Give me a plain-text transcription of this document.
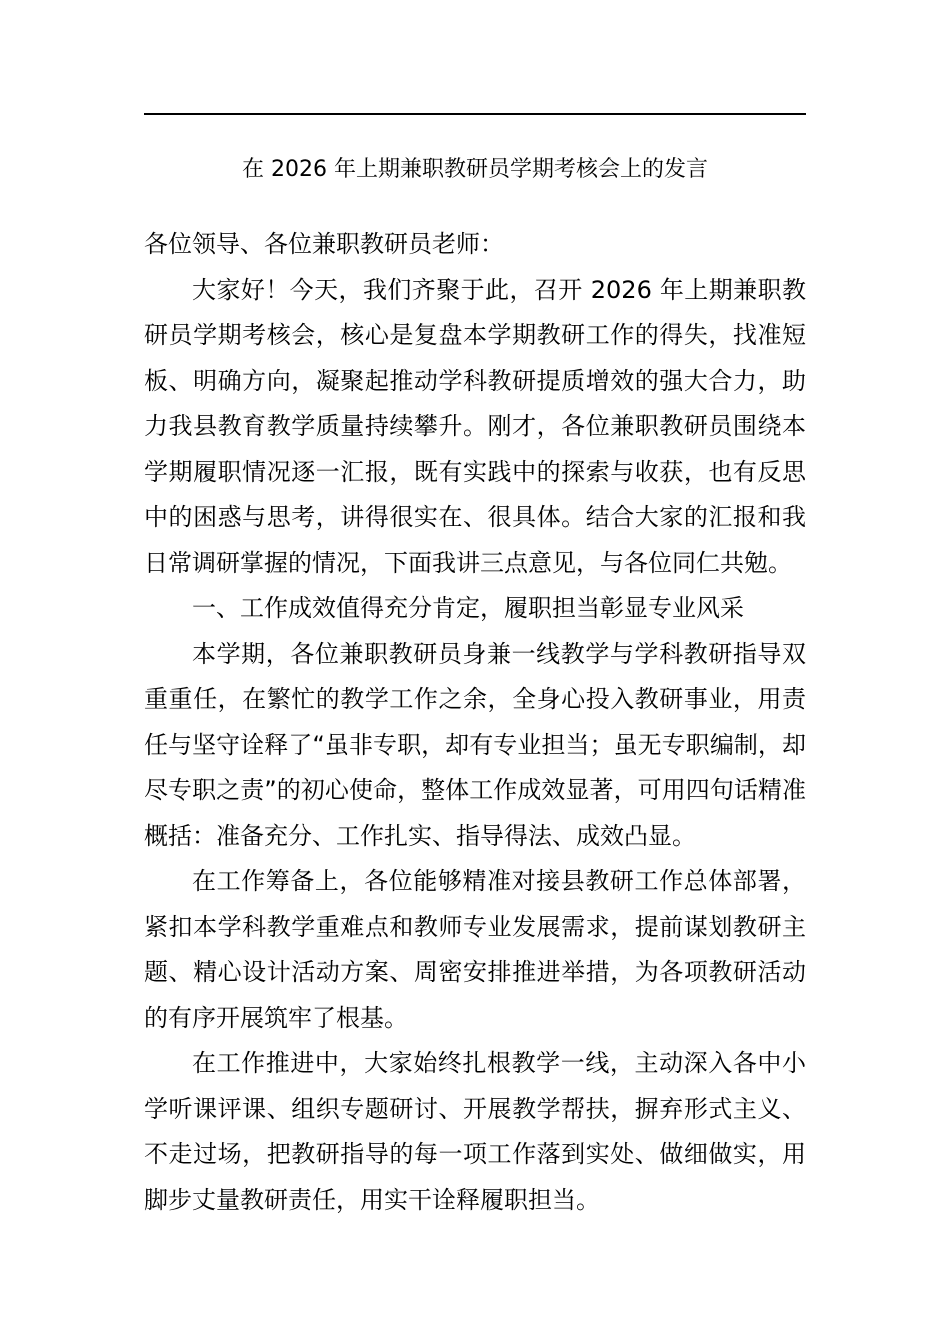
在 2026 年上期兼职教研员学期考核会上的发言

各位领导、各位兼职教研员老师：

大家好！今天，我们齐聚于此，召开 2026 年上期兼职教研员学期考核会，核心是复盘本学期教研工作的得失，找准短板、明确方向，凝聚起推动学科教研提质增效的强大合力，助力我县教育教学质量持续攀升。刚才，各位兼职教研员围绕本学期履职情况逐一汇报，既有实践中的探索与收获，也有反思中的困惑与思考，讲得很实在、很具体。结合大家的汇报和我日常调研掌握的情况，下面我讲三点意见，与各位同仁共勉。

一、工作成效值得充分肯定，履职担当彰显专业风采

本学期，各位兼职教研员身兼一线教学与学科教研指导双重重任，在繁忙的教学工作之余，全身心投入教研事业，用责任与坚守诠释了“虽非专职，却有专业担当；虽无专职编制，却尽专职之责”的初心使命，整体工作成效显著，可用四句话精准概括：准备充分、工作扎实、指导得法、成效凸显。

在工作筹备上，各位能够精准对接县教研工作总体部署，紧扣本学科教学重难点和教师专业发展需求，提前谋划教研主题、精心设计活动方案、周密安排推进举措，为各项教研活动的有序开展筑牢了根基。

在工作推进中，大家始终扎根教学一线，主动深入各中小学听课评课、组织专题研讨、开展教学帮扶，摒弃形式主义、不走过场，把教研指导的每一项工作落到实处、做细做实，用脚步丈量教研责任，用实干诠释履职担当。
